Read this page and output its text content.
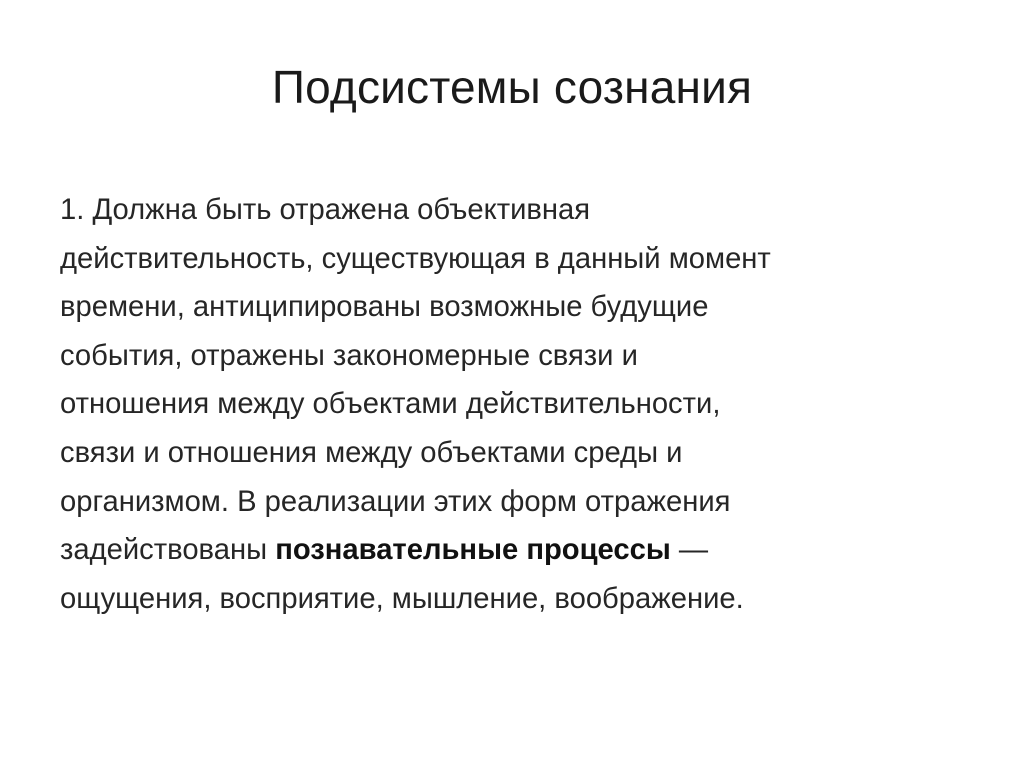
Подсистемы сознания
1. Должна быть отражена объективная
действительность, существующая в данный момент
времени, антиципированы возможные будущие
события, отражены закономерные связи и
отношения между объектами действительности,
связи и отношения между объектами среды и
организмом. В реализации этих форм отражения
задействованы познавательные процессы —
ощущения, восприятие, мышление, воображение.
